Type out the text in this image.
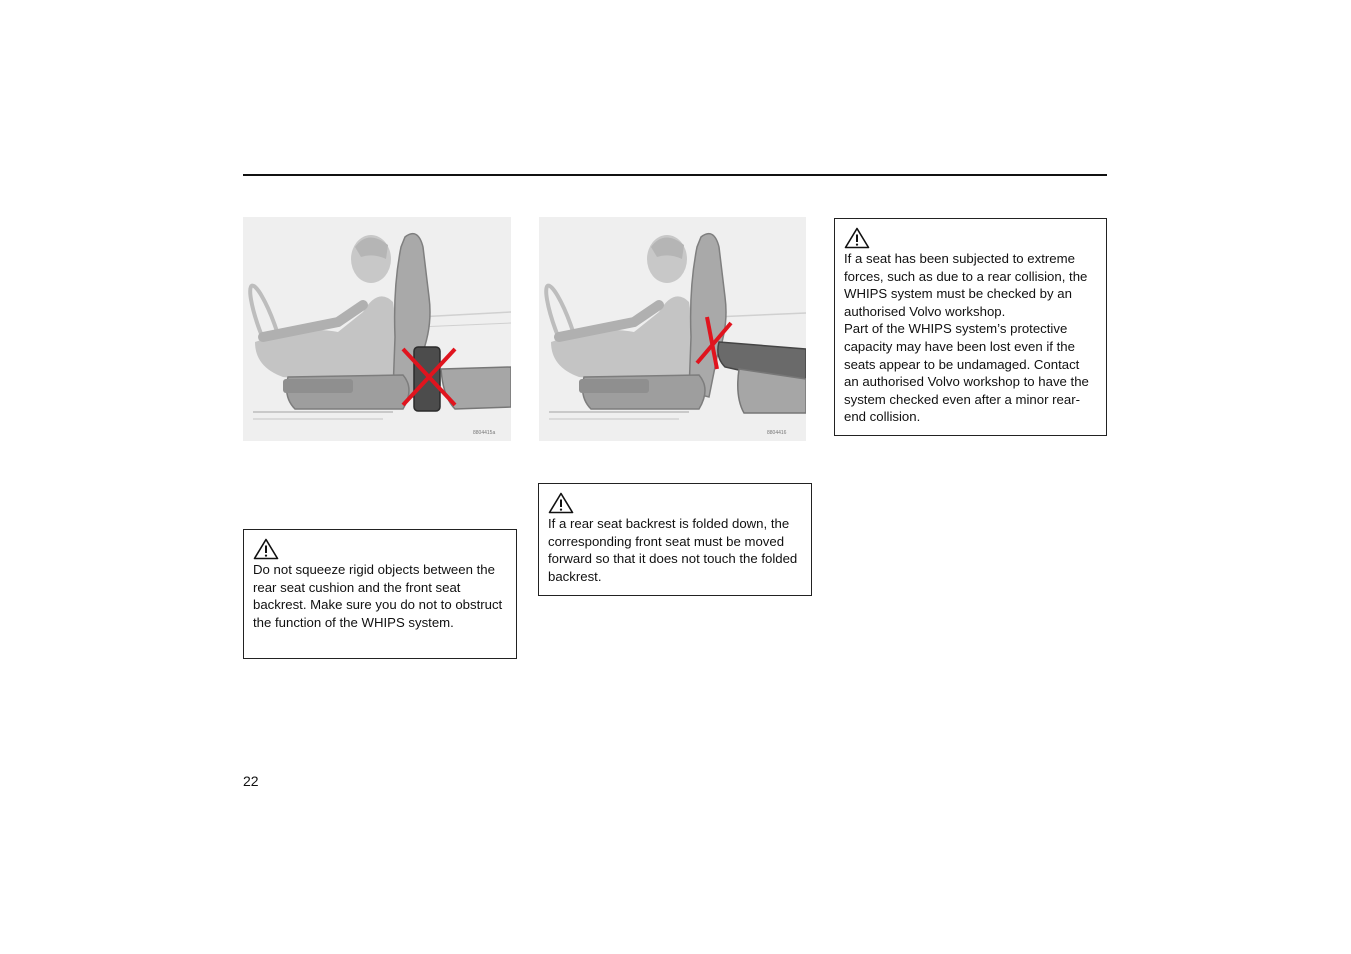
8804415a	8804416

Do not squeeze rigid objects between the rear seat cushion and the front seat backrest. Make sure you do not to obstruct the function of the WHIPS system.

If a rear seat backrest is folded down, the corresponding front seat must be moved forward so that it does not touch the folded backrest.

If a seat has been subjected to extreme forces, such as due to a rear collision, the WHIPS system must be checked by an authorised Volvo workshop.

Part of the WHIPS system’s protective capacity may have been lost even if the seats appear to be undamaged. Contact an authorised Volvo workshop to have the system checked even after a minor rear-end collision.

22
